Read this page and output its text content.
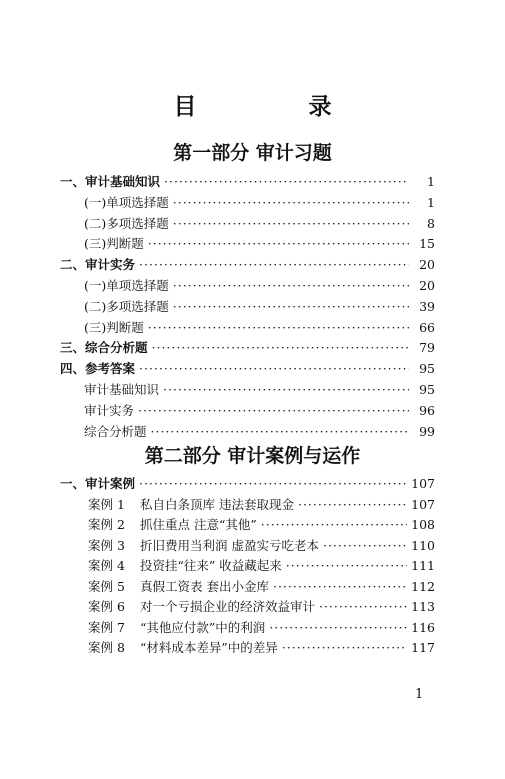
目 录
第一部分 审计习题
一、审计基础知识 ·····	1
(一)单项选择题 ·····	1
(二)多项选择题 ·····	8
(三)判断题 ·····	15
二、审计实务 ·····	20
(一)单项选择题 ·····	20
(二)多项选择题 ·····	39
(三)判断题 ·····	66
三、综合分析题 ·····	79
四、参考答案 ·····	95
审计基础知识 ·····	95
审计实务 ·····	96
综合分析题 ·····	99
第二部分 审计案例与运作
一、审计案例 ·····	107
案例 1	私自白条顶库 违法套取现金 ·····	107
案例 2	抓住重点 注意“其他” ·····	108
案例 3	折旧费用当利润 虚盈实亏吃老本 ·····	110
案例 4	投资挂“往来” 收益藏起来 ·····	111
案例 5	真假工资表 套出小金库 ·····	112
案例 6	对一个亏损企业的经济效益审计 ·····	113
案例 7	“其他应付款”中的利润 ·····	116
案例 8	“材料成本差异”中的差异 ·····	117
1
